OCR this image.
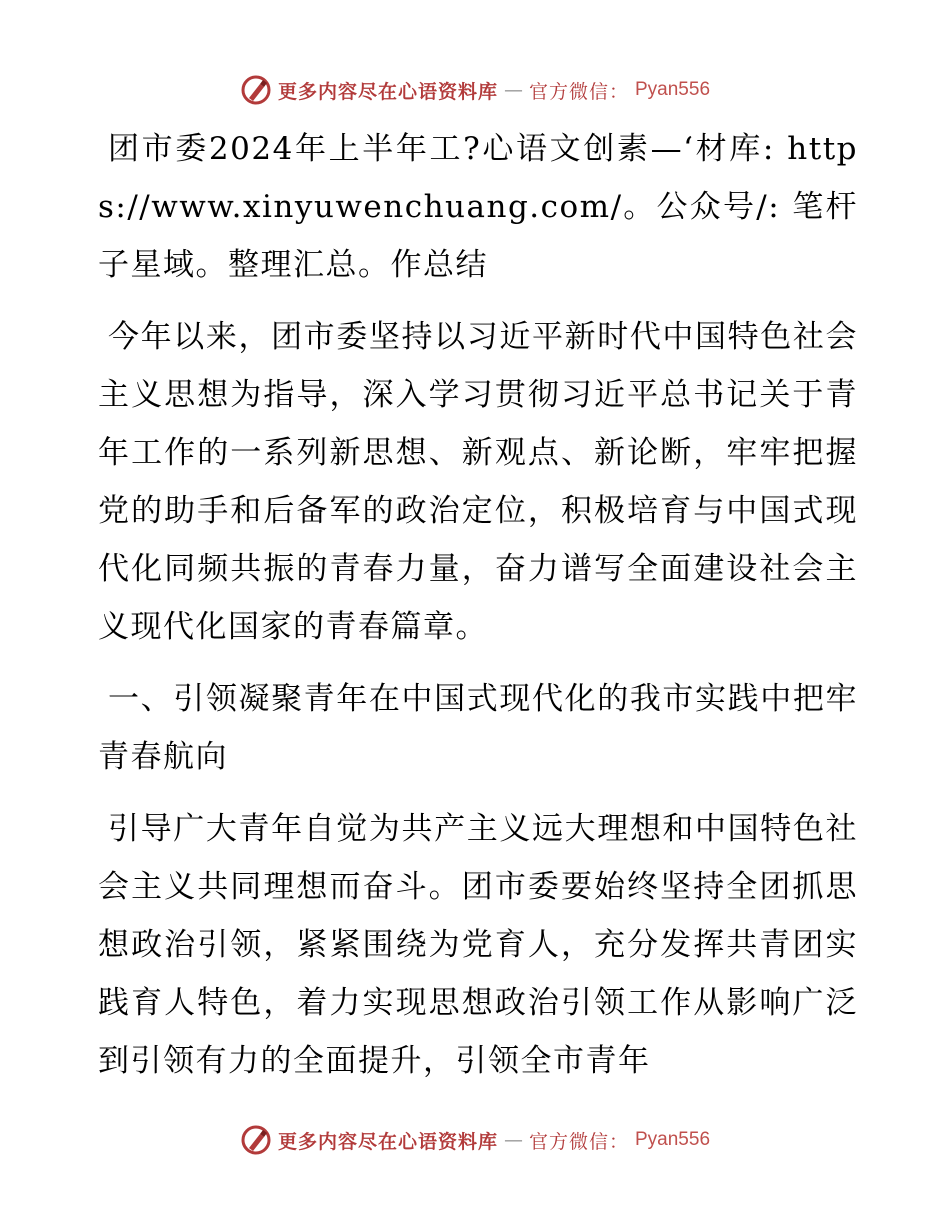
更多内容尽在心语资料库 — 官方微信： Pyan556

团市委2024年上半年工?心语文创素—‘材库: https://www.xinyuwenchuang.com/。公众号/: 笔杆子星域。整理汇总。作总结

今年以来，团市委坚持以习近平新时代中国特色社会主义思想为指导，深入学习贯彻习近平总书记关于青年工作的一系列新思想、新观点、新论断，牢牢把握党的助手和后备军的政治定位，积极培育与中国式现代化同频共振的青春力量，奋力谱写全面建设社会主义现代化国家的青春篇章。

一、引领凝聚青年在中国式现代化的我市实践中把牢青春航向

引导广大青年自觉为共产主义远大理想和中国特色社会主义共同理想而奋斗。团市委要始终坚持全团抓思想政治引领，紧紧围绕为党育人，充分发挥共青团实践育人特色，着力实现思想政治引领工作从影响广泛到引领有力的全面提升，引领全市青年

更多内容尽在心语资料库 — 官方微信： Pyan556
